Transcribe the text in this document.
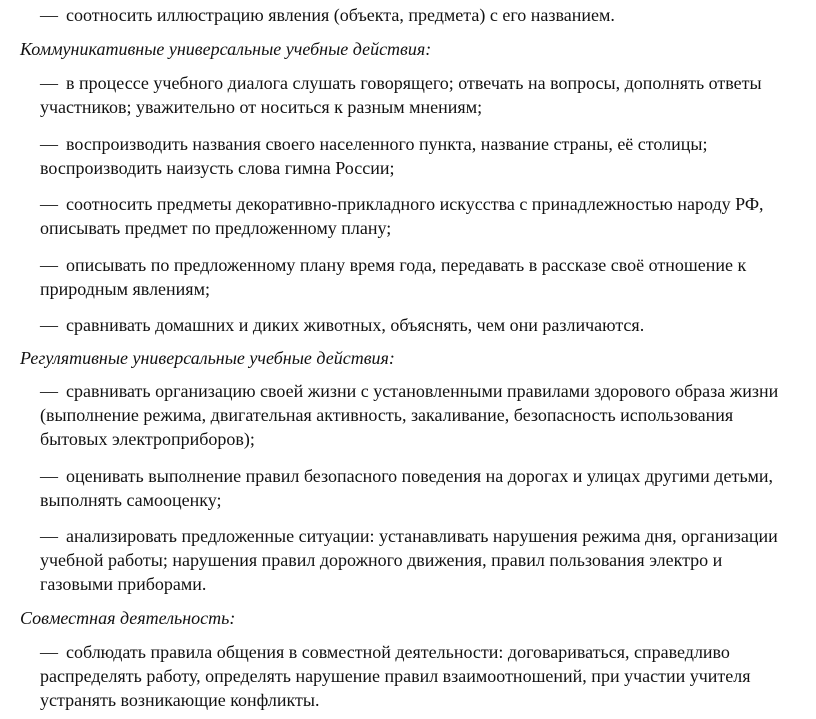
— соотносить иллюстрацию явления (объекта, предмета) с его названием.
Коммуникативные универсальные учебные действия:
— в процессе учебного диалога слушать говорящего; отвечать на вопросы, дополнять ответы
участников; уважительно от носиться к разным мнениям;
— воспроизводить названия своего населенного пункта, название страны, её столицы;
воспроизводить наизусть слова гимна России;
— соотносить предметы декоративно-прикладного искусства с принадлежностью народу РФ,
описывать предмет по предложенному плану;
— описывать по предложенному плану время года, передавать в рассказе своё отношение к
природным явлениям;
— сравнивать домашних и диких животных, объяснять, чем они различаются.
Регулятивные универсальные учебные действия:
— сравнивать организацию своей жизни с установленными правилами здорового образа жизни
(выполнение режима, двигательная активность, закаливание, безопасность использования
бытовых электроприборов);
— оценивать выполнение правил безопасного поведения на дорогах и улицах другими детьми,
выполнять самооценку;
— анализировать предложенные ситуации: устанавливать нарушения режима дня, организации
учебной работы; нарушения правил дорожного движения, правил пользования электро и
газовыми приборами.
Совместная деятельность:
— соблюдать правила общения в совместной деятельности: договариваться, справедливо
распределять работу, определять нарушение правил взаимоотношений, при участии учителя
устранять возникающие конфликты.
